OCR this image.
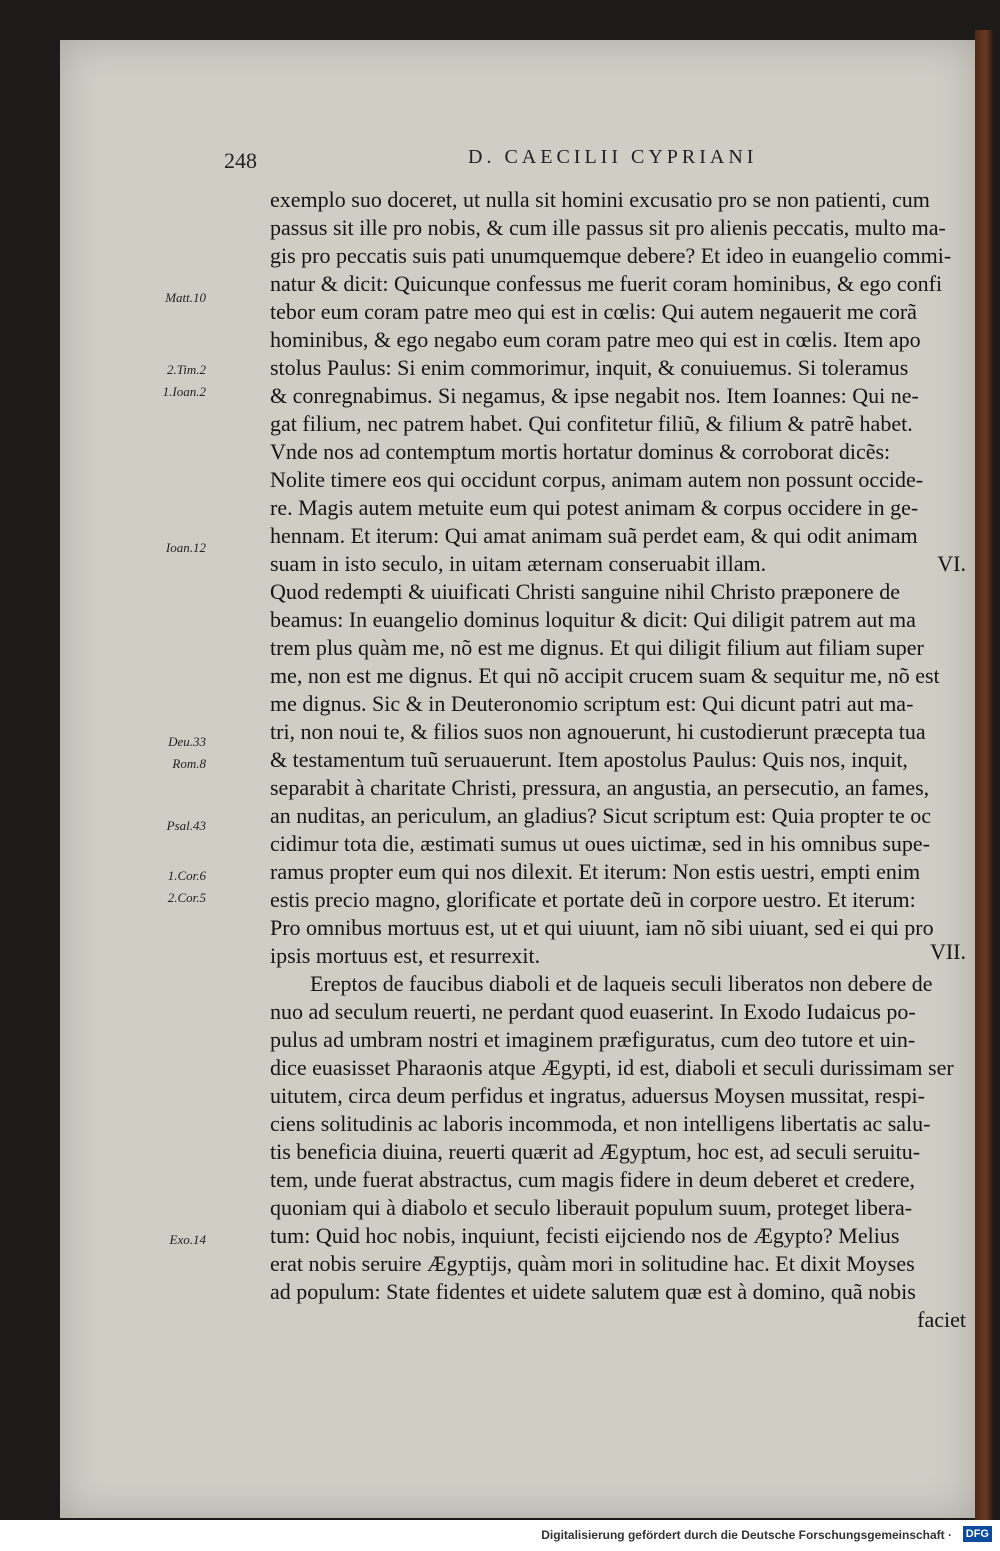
248	D. CAECILII CYPRIANI
Matt.10
2.Tim.2
1.Ioan.2
Ioan.12
Deu.33
Rom.8
Psal.43
1.Cor.6
2.Cor.5
Exo.14
exemplo suo doceret, ut nulla sit homini excusatio pro se non patienti, cum
passus sit ille pro nobis, & cum ille passus sit pro alienis peccatis, multo ma-
gis pro peccatis suis pati unumquemque debere? Et ideo in euangelio commi-
natur & dicit: Quicunque confessus me fuerit coram hominibus, & ego confi
tebor eum coram patre meo qui est in cœlis: Qui autem negauerit me corã
hominibus, & ego negabo eum coram patre meo qui est in cœlis. Item apo
stolus Paulus: Si enim commorimur, inquit, & conuiuemus. Si toleramus
& conregnabimus. Si negamus, & ipse negabit nos. Item Ioannes: Qui ne-
gat filium, nec patrem habet. Qui confitetur filiũ, & filium & patrẽ habet.
Vnde nos ad contemptum mortis hortatur dominus & corroborat dicẽs:
Nolite timere eos qui occidunt corpus, animam autem non possunt occide-
re. Magis autem metuite eum qui potest animam & corpus occidere in ge-
hennam. Et iterum: Qui amat animam suã perdet eam, & qui odit animam
suam in isto seculo, in uitam æternam conseruabit illam.	VI.
Quod redempti & uiuificati Christi sanguine nihil Christo præponere de
beamus: In euangelio dominus loquitur & dicit: Qui diligit patrem aut ma
trem plus quàm me, nõ est me dignus. Et qui diligit filium aut filiam super
me, non est me dignus. Et qui nõ accipit crucem suam & sequitur me, nõ est
me dignus. Sic & in Deuteronomio scriptum est: Qui dicunt patri aut ma-
tri, non noui te, & filios suos non agnouerunt, hi custodierunt præcepta tua
& testamentum tuũ seruauerunt. Item apostolus Paulus: Quis nos, inquit,
separabit à charitate Christi, pressura, an angustia, an persecutio, an fames,
an nuditas, an periculum, an gladius? Sicut scriptum est: Quia propter te oc
cidimur tota die, æstimati sumus ut oues uictimæ, sed in his omnibus supe-
ramus propter eum qui nos dilexit. Et iterum: Non estis uestri, empti enim
estis precio magno, glorificate et portate deũ in corpore uestro. Et iterum:
Pro omnibus mortuus est, ut et qui uiuunt, iam nõ sibi uiuant, sed ei qui pro
ipsis mortuus est, et resurrexit.	VII.
Ereptos de faucibus diaboli et de laqueis seculi liberatos non debere de
nuo ad seculum reuerti, ne perdant quod euaserint. In Exodo Iudaicus po-
pulus ad umbram nostri et imaginem præfiguratus, cum deo tutore et uin-
dice euasisset Pharaonis atque Ægypti, id est, diaboli et seculi durissimam ser
uitutem, circa deum perfidus et ingratus, aduersus Moysen mussitat, respi-
ciens solitudinis ac laboris incommoda, et non intelligens libertatis ac salu-
tis beneficia diuina, reuerti quærit ad Ægyptum, hoc est, ad seculi seruitu-
tem, unde fuerat abstractus, cum magis fidere in deum deberet et credere,
quoniam qui à diabolo et seculo liberauit populum suum, proteget libera-
tum: Quid hoc nobis, inquiunt, fecisti eijciendo nos de Ægypto? Melius
erat nobis seruire Ægyptijs, quàm mori in solitudine hac. Et dixit Moyses
ad populum: State fidentes et uidete salutem quæ est à domino, quã nobis
faciet
Digitalisierung gefördert durch die Deutsche Forschungsgemeinschaft · DFG
